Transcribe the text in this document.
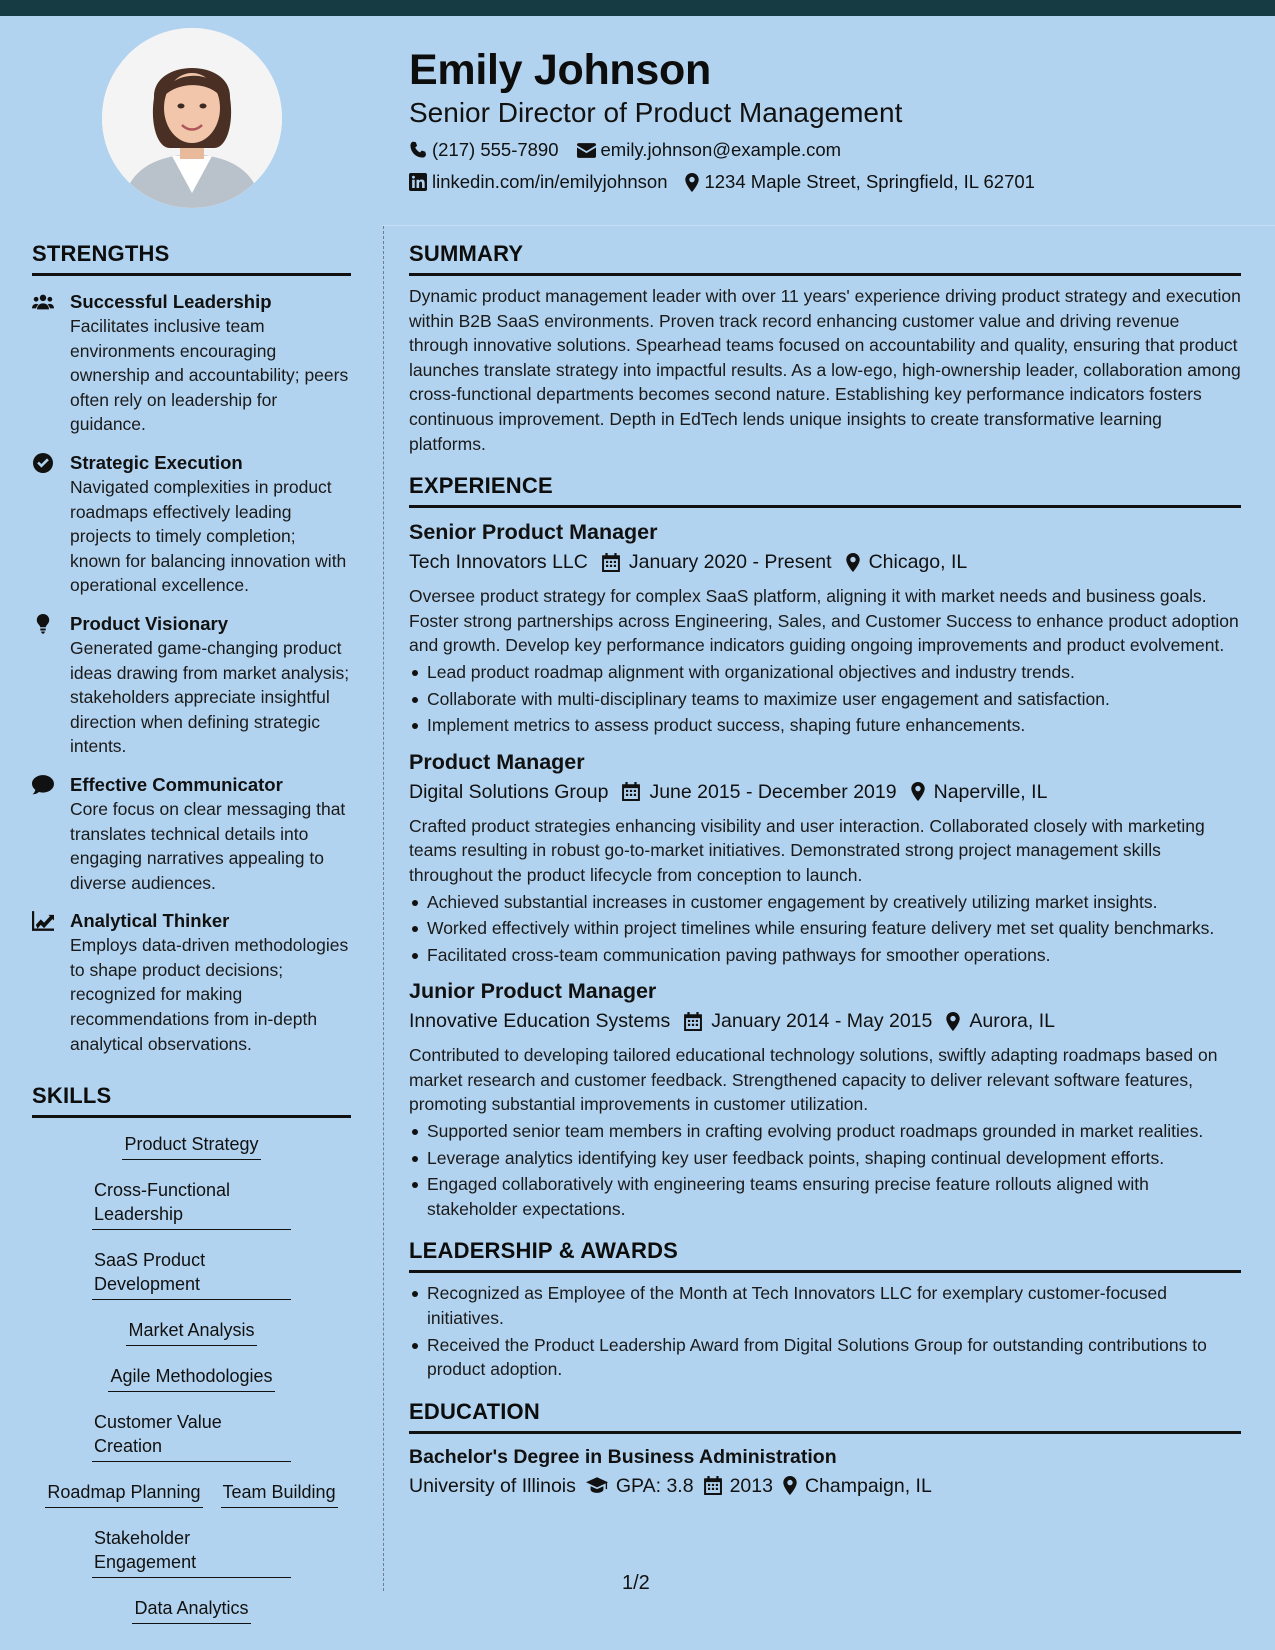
Emily Johnson
Senior Director of Product Management
(217) 555-7890 emily.johnson@example.com
linkedin.com/in/emilyjohnson 1234 Maple Street, Springfield, IL 62701
STRENGTHS
Successful Leadership
Facilitates inclusive team environments encouraging ownership and accountability; peers often rely on leadership for guidance.
Strategic Execution
Navigated complexities in product roadmaps effectively leading projects to timely completion; known for balancing innovation with operational excellence.
Product Visionary
Generated game-changing product ideas drawing from market analysis; stakeholders appreciate insightful direction when defining strategic intents.
Effective Communicator
Core focus on clear messaging that translates technical details into engaging narratives appealing to diverse audiences.
Analytical Thinker
Employs data-driven methodologies to shape product decisions; recognized for making recommendations from in-depth analytical observations.
SKILLS
Product Strategy
Cross-Functional Leadership
SaaS Product Development
Market Analysis
Agile Methodologies
Customer Value Creation
Roadmap Planning Team Building
Stakeholder Engagement
Data Analytics
SUMMARY
Dynamic product management leader with over 11 years' experience driving product strategy and execution within B2B SaaS environments. Proven track record enhancing customer value and driving revenue through innovative solutions. Spearhead teams focused on accountability and quality, ensuring that product launches translate strategy into impactful results. As a low-ego, high-ownership leader, collaboration among cross-functional departments becomes second nature. Establishing key performance indicators fosters continuous improvement. Depth in EdTech lends unique insights to create transformative learning platforms.
EXPERIENCE
Senior Product Manager
Tech Innovators LLC January 2020 - Present Chicago, IL
Oversee product strategy for complex SaaS platform, aligning it with market needs and business goals. Foster strong partnerships across Engineering, Sales, and Customer Success to enhance product adoption and growth. Develop key performance indicators guiding ongoing improvements and product evolvement.
Lead product roadmap alignment with organizational objectives and industry trends.
Collaborate with multi-disciplinary teams to maximize user engagement and satisfaction.
Implement metrics to assess product success, shaping future enhancements.
Product Manager
Digital Solutions Group June 2015 - December 2019 Naperville, IL
Crafted product strategies enhancing visibility and user interaction. Collaborated closely with marketing teams resulting in robust go-to-market initiatives. Demonstrated strong project management skills throughout the product lifecycle from conception to launch.
Achieved substantial increases in customer engagement by creatively utilizing market insights.
Worked effectively within project timelines while ensuring feature delivery met set quality benchmarks.
Facilitated cross-team communication paving pathways for smoother operations.
Junior Product Manager
Innovative Education Systems January 2014 - May 2015 Aurora, IL
Contributed to developing tailored educational technology solutions, swiftly adapting roadmaps based on market research and customer feedback. Strengthened capacity to deliver relevant software features, promoting substantial improvements in customer utilization.
Supported senior team members in crafting evolving product roadmaps grounded in market realities.
Leverage analytics identifying key user feedback points, shaping continual development efforts.
Engaged collaboratively with engineering teams ensuring precise feature rollouts aligned with stakeholder expectations.
LEADERSHIP & AWARDS
Recognized as Employee of the Month at Tech Innovators LLC for exemplary customer-focused initiatives.
Received the Product Leadership Award from Digital Solutions Group for outstanding contributions to product adoption.
EDUCATION
Bachelor's Degree in Business Administration
University of Illinois GPA: 3.8 2013 Champaign, IL
1/2
